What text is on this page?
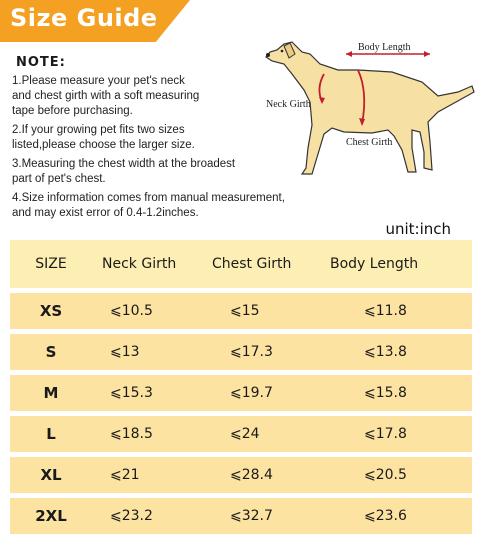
Size Guide
NOTE:
1.Please measure your pet's neck
and chest girth with a soft measuring
tape before purchasing.
2.If your growing pet fits two sizes
listed,please choose the larger size.
3.Measuring the chest width at the broadest
part of pet's chest.
4.Size information comes from manual measurement,
and may exist error of 0.4-1.2inches.
Body Length
Neck Girth
Chest Girth
unit:inch
SIZE	Neck Girth	Chest Girth	Body Length
XS	⩽10.5	⩽15	⩽11.8
S	⩽13	⩽17.3	⩽13.8
M	⩽15.3	⩽19.7	⩽15.8
L	⩽18.5	⩽24	⩽17.8
XL	⩽21	⩽28.4	⩽20.5
2XL	⩽23.2	⩽32.7	⩽23.6
